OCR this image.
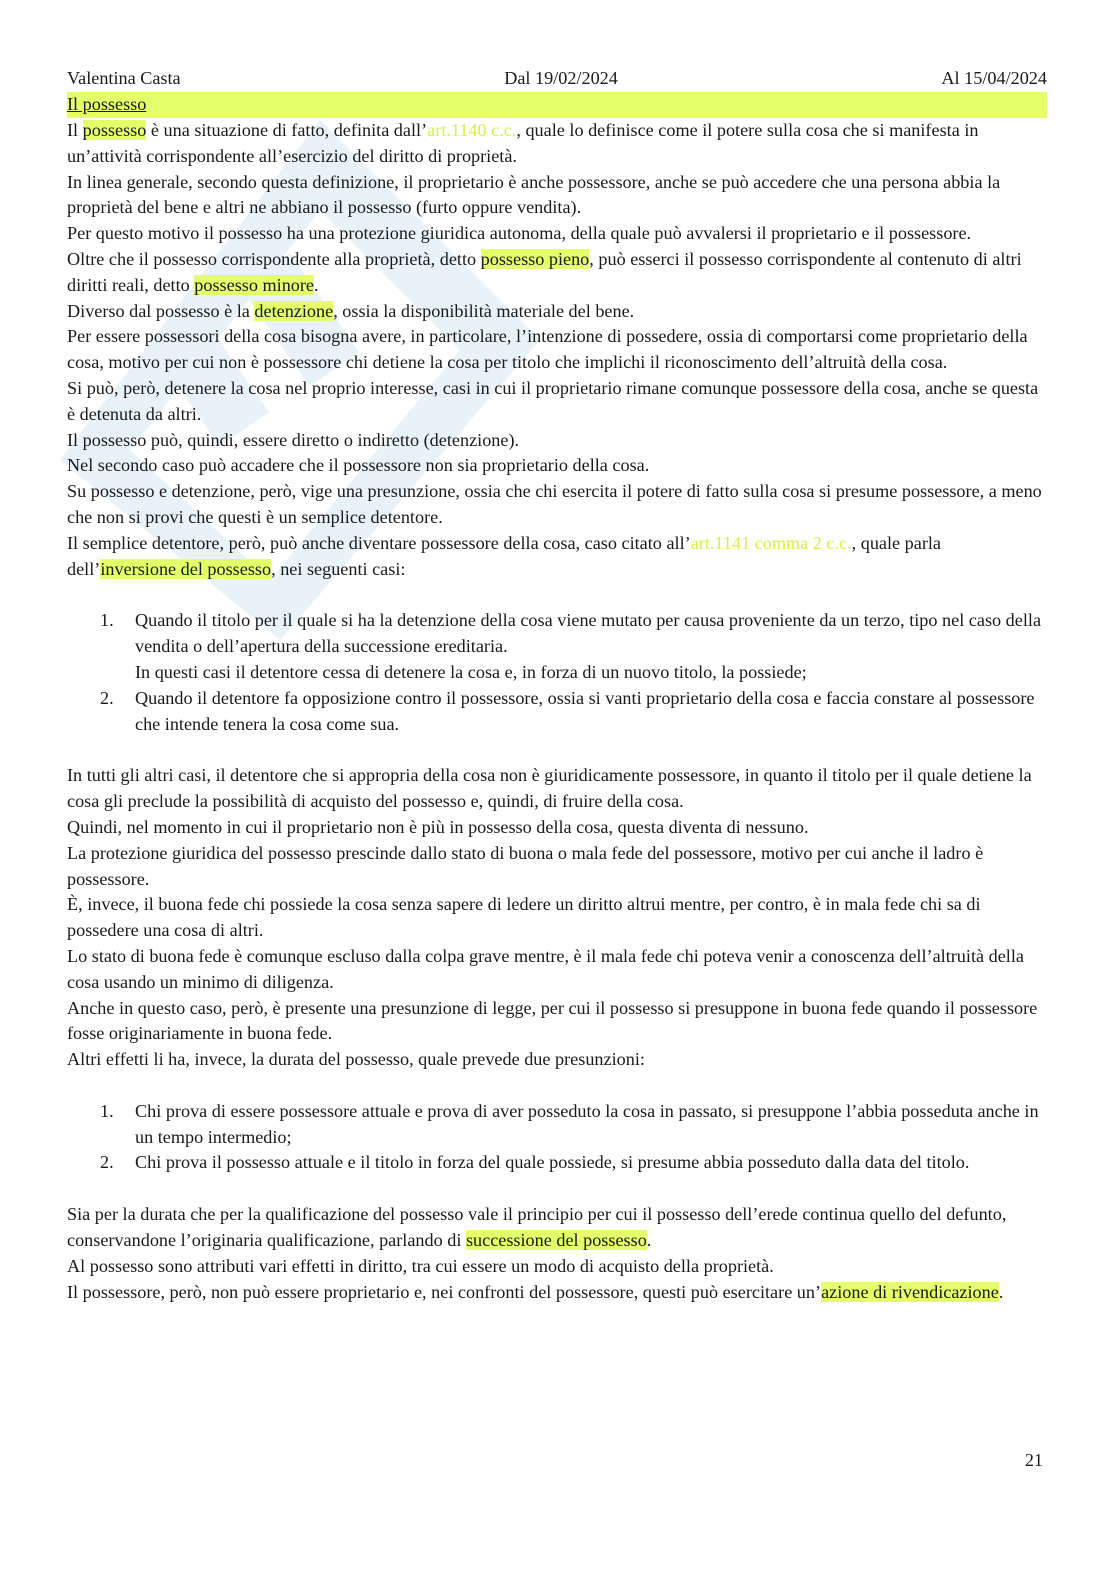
Valentina Casta	Dal 19/02/2024	Al 15/04/2024
Il possesso

Il possesso è una situazione di fatto, definita dall’art.1140 c.c., quale lo definisce come il potere sulla cosa che si manifesta in un’attività corrispondente all’esercizio del diritto di proprietà.

In linea generale, secondo questa definizione, il proprietario è anche possessore, anche se può accedere che una persona abbia la proprietà del bene e altri ne abbiano il possesso (furto oppure vendita).

Per questo motivo il possesso ha una protezione giuridica autonoma, della quale può avvalersi il proprietario e il possessore.

Oltre che il possesso corrispondente alla proprietà, detto possesso pieno, può esserci il possesso corrispondente al contenuto di altri diritti reali, detto possesso minore.

Diverso dal possesso è la detenzione, ossia la disponibilità materiale del bene.

Per essere possessori della cosa bisogna avere, in particolare, l’intenzione di possedere, ossia di comportarsi come proprietario della cosa, motivo per cui non è possessore chi detiene la cosa per titolo che implichi il riconoscimento dell’altruità della cosa.

Si può, però, detenere la cosa nel proprio interesse, casi in cui il proprietario rimane comunque possessore della cosa, anche se questa è detenuta da altri.

Il possesso può, quindi, essere diretto o indiretto (detenzione).

Nel secondo caso può accadere che il possessore non sia proprietario della cosa.

Su possesso e detenzione, però, vige una presunzione, ossia che chi esercita il potere di fatto sulla cosa si presume possessore, a meno che non si provi che questi è un semplice detentore.

Il semplice detentore, però, può anche diventare possessore della cosa, caso citato all’art.1141 comma 2 c.c., quale parla dell’inversione del possesso, nei seguenti casi:

1. Quando il titolo per il quale si ha la detenzione della cosa viene mutato per causa proveniente da un terzo, tipo nel caso della vendita o dell’apertura della successione ereditaria.
In questi casi il detentore cessa di detenere la cosa e, in forza di un nuovo titolo, la possiede;
2. Quando il detentore fa opposizione contro il possessore, ossia si vanti proprietario della cosa e faccia constare al possessore che intende tenera la cosa come sua.

In tutti gli altri casi, il detentore che si appropria della cosa non è giuridicamente possessore, in quanto il titolo per il quale detiene la cosa gli preclude la possibilità di acquisto del possesso e, quindi, di fruire della cosa.

Quindi, nel momento in cui il proprietario non è più in possesso della cosa, questa diventa di nessuno.

La protezione giuridica del possesso prescinde dallo stato di buona o mala fede del possessore, motivo per cui anche il ladro è possessore.

È, invece, il buona fede chi possiede la cosa senza sapere di ledere un diritto altrui mentre, per contro, è in mala fede chi sa di possedere una cosa di altri.

Lo stato di buona fede è comunque escluso dalla colpa grave mentre, è il mala fede chi poteva venir a conoscenza dell’altruità della cosa usando un minimo di diligenza.

Anche in questo caso, però, è presente una presunzione di legge, per cui il possesso si presuppone in buona fede quando il possessore fosse originariamente in buona fede.

Altri effetti li ha, invece, la durata del possesso, quale prevede due presunzioni:

1. Chi prova di essere possessore attuale e prova di aver posseduto la cosa in passato, si presuppone l’abbia posseduta anche in un tempo intermedio;
2. Chi prova il possesso attuale e il titolo in forza del quale possiede, si presume abbia posseduto dalla data del titolo.

Sia per la durata che per la qualificazione del possesso vale il principio per cui il possesso dell’erede continua quello del defunto, conservandone l’originaria qualificazione, parlando di successione del possesso.

Al possesso sono attributi vari effetti in diritto, tra cui essere un modo di acquisto della proprietà.

Il possessore, però, non può essere proprietario e, nei confronti del possessore, questi può esercitare un’azione di rivendicazione.

21
